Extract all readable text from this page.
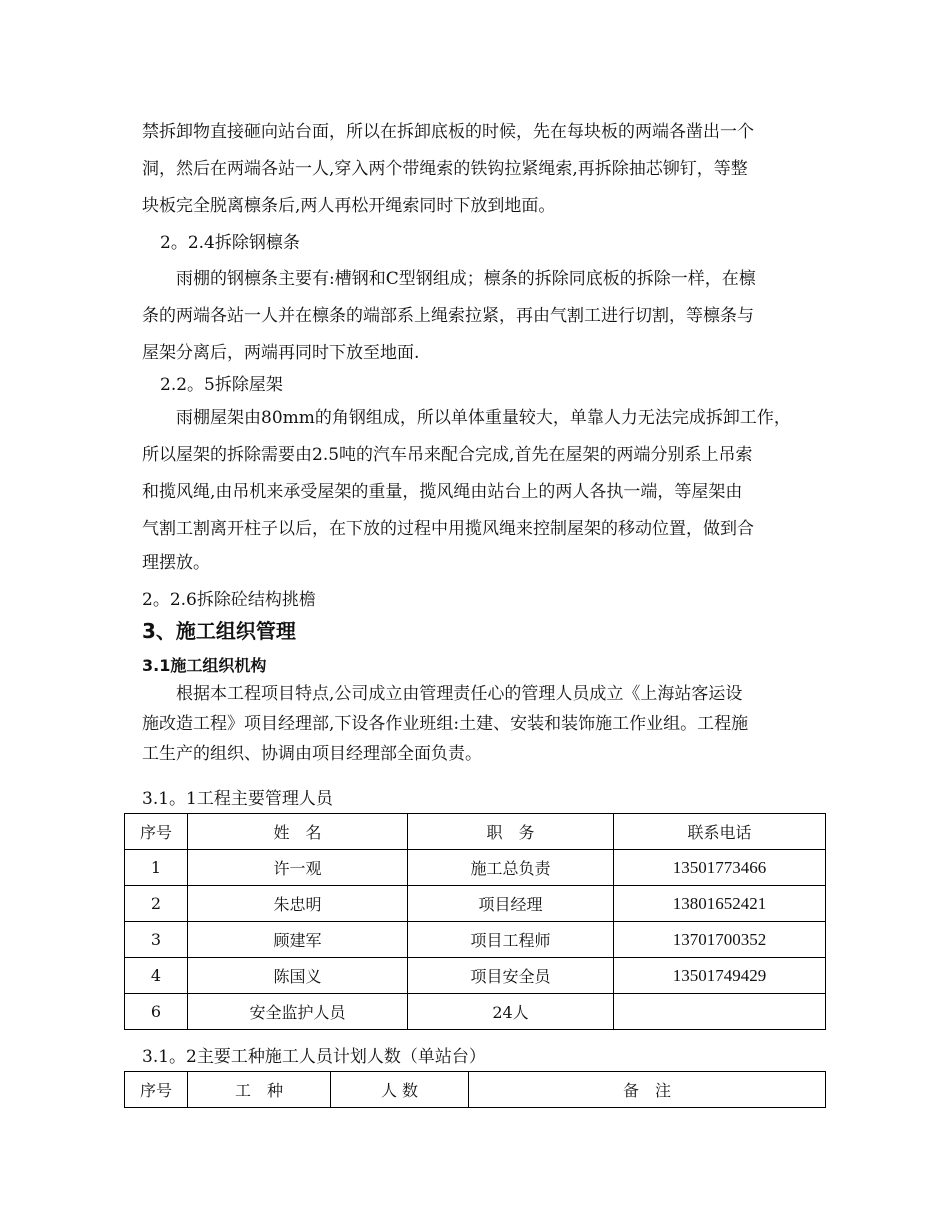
禁拆卸物直接砸向站台面，所以在拆卸底板的时候，先在每块板的两端各凿出一个
洞，然后在两端各站一人,穿入两个带绳索的铁钩拉紧绳索,再拆除抽芯铆钉，等整
块板完全脱离檩条后,两人再松开绳索同时下放到地面。
2。2.4拆除钢檩条
雨棚的钢檩条主要有:槽钢和C型钢组成；檩条的拆除同底板的拆除一样，在檩
条的两端各站一人并在檩条的端部系上绳索拉紧，再由气割工进行切割，等檩条与
屋架分离后，两端再同时下放至地面.
2.2。5拆除屋架
雨棚屋架由80mm的角钢组成，所以单体重量较大，单靠人力无法完成拆卸工作，
所以屋架的拆除需要由2.5吨的汽车吊来配合完成,首先在屋架的两端分别系上吊索
和揽风绳,由吊机来承受屋架的重量，揽风绳由站台上的两人各执一端，等屋架由
气割工割离开柱子以后，在下放的过程中用揽风绳来控制屋架的移动位置，做到合
理摆放。
2。2.6拆除砼结构挑檐
3、施工组织管理
3.1施工组织机构
根据本工程项目特点,公司成立由管理责任心的管理人员成立《上海站客运设
施改造工程》项目经理部,下设各作业班组:土建、安装和装饰施工作业组。工程施
工生产的组织、协调由项目经理部全面负责。
3.1。1工程主要管理人员
序号	姓　名	职　务	联系电话
1	许一观	施工总负责	13501773466
2	朱忠明	项目经理	13801652421
3	顾建军	项目工程师	13701700352
4	陈国义	项目安全员	13501749429
6	安全监护人员	24人	
3.1。2主要工种施工人员计划人数（单站台）
序号	工　种	人 数	备　注
